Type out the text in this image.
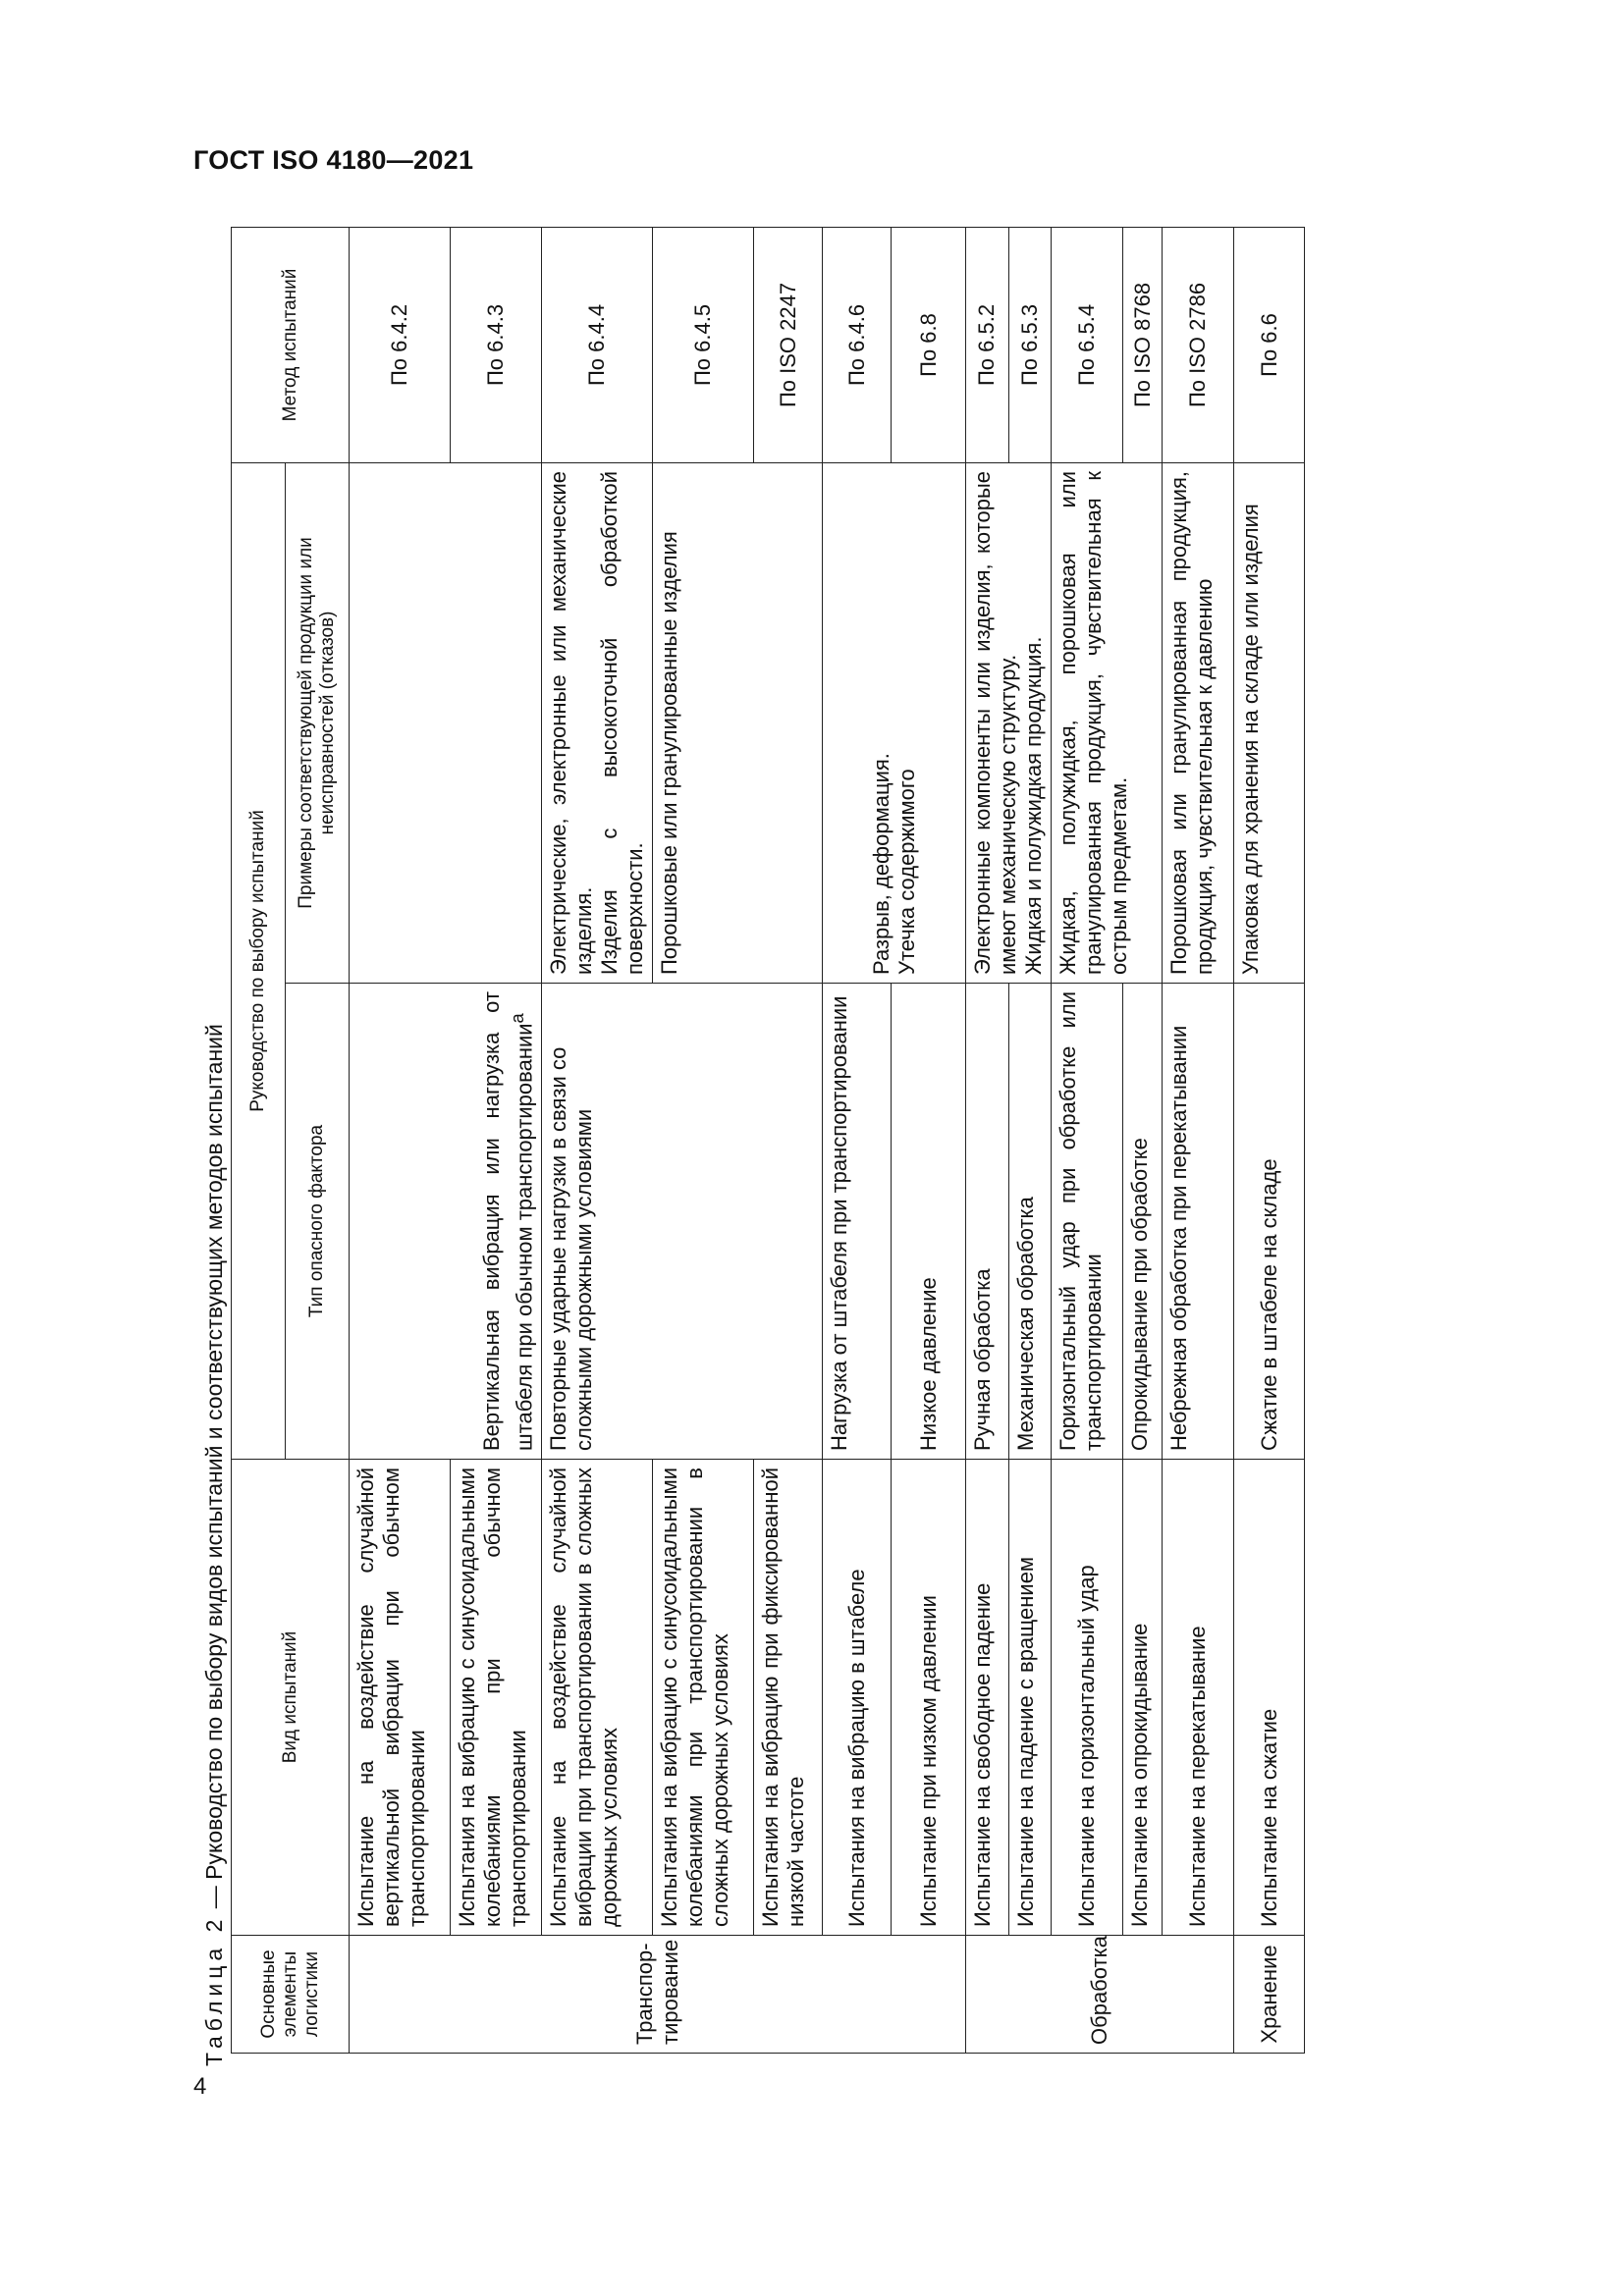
ГОСТ ISO 4180—2021
4
Таблица 2 — Руководство по выбору видов испытаний и соответствующих методов испытаний
Основные элементы логистики	Вид испытаний	Руководство по выбору испытаний		Метод испытаний
		Тип опасного фактора	Примеры соответствующей продукции или неисправностей (отказов)	
Транспор-тирование	Испытание на воздействие случайной вертикальной вибрации при обычном транспортировании	Вертикальная вибрация или нагрузка от штабеля при обычном транспортировании$^a$		По 6.4.2
	Испытания на вибрацию с синусоидальными колебаниями при обычном транспортировании			По 6.4.3
	Испытание на воздействие случайной вибрации при транспортировании в сложных дорожных условиях	Повторные ударные нагрузки в связи со сложными дорожными условиями	Электрические, электронные или механические изделия. Изделия с высокоточной обработкой поверхности.	По 6.4.4
	Испытания на вибрацию с синусоидальными колебаниями при транспортировании в сложных дорожных условиях		Порошковые или гранулированные изделия	По 6.4.5
	Испытания на вибрацию при фиксированной низкой частоте			По ISO 2247
	Испытания на вибрацию в штабеле	Нагрузка от штабеля при транспортировании	Разрыв, деформация. Утечка содержимого	По 6.4.6
	Испытание при низком давлении	Низкое давление		По 6.8
Обработка	Испытание на свободное падение	Ручная обработка	Электронные компоненты или изделия, которые имеют механическую структуру. Жидкая и полужидкая продукция.	По 6.5.2
	Испытание на падение с вращением	Механическая обработка		По 6.5.3
	Испытание на горизонтальный удар	Горизонтальный удар при обработке или транспортировании	Жидкая, полужидкая, порошковая или гранулированная продукция, чувствительная к острым предметам.	По 6.5.4
	Испытание на опрокидывание	Опрокидывание при обработке		По ISO 8768
	Испытание на перекатывание	Небрежная обработка при перекатывании	Порошковая или гранулированная продукция, продукция, чувствительная к давлению	По ISO 2786
Хранение	Испытание на сжатие	Сжатие в штабеле на складе	Упаковка для хранения на складе или изделия	По 6.6
